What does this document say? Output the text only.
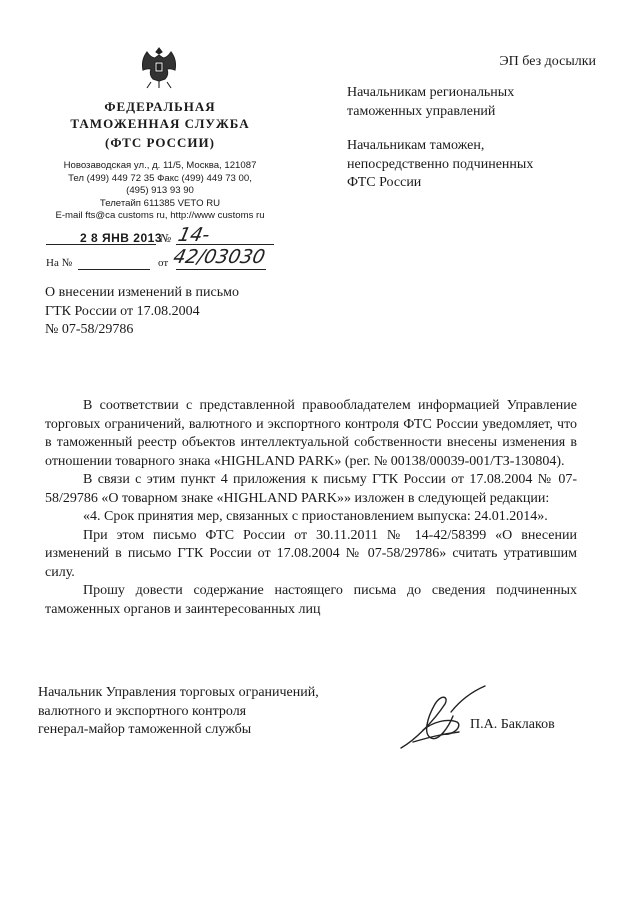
ФЕДЕРАЛЬНАЯ
ТАМОЖЕННАЯ СЛУЖБА
(ФТС РОССИИ)
Новозаводская ул., д. 11/5, Москва, 121087
Тел (499) 449 72 35 Факс (499) 449 73 00,
(495) 913 93 90
Телетайп 611385 VETO RU
E-mail fts@ca customs ru, http://www customs ru
2 8 ЯНВ 2013
№ 14-42/03030
На №	от
О внесении изменений в письмо
ГТК России от 17.08.2004
№ 07-58/29786
ЭП без досылки
Начальникам региональных
таможенных управлений
Начальникам таможен,
непосредственно подчиненных
ФТС России

В соответствии с представленной правообладателем информацией Управление торговых ограничений, валютного и экспортного контроля ФТС России уведомляет, что в таможенный реестр объектов интеллектуальной собственности внесены изменения в отношении товарного знака «HIGHLAND PARK» (рег. № 00138/00039-001/ТЗ-130804).

В связи с этим пункт 4 приложения к письму ГТК России от 17.08.2004 № 07-58/29786 «О товарном знаке «HIGHLAND PARK»» изложен в следующей редакции:

«4. Срок принятия мер, связанных с приостановлением выпуска: 24.01.2014».

При этом письмо ФТС России от 30.11.2011 № 14-42/58399 «О внесении изменений в письмо ГТК России от 17.08.2004 № 07-58/29786» считать утратившим силу.

Прошу довести содержание настоящего письма до сведения подчиненных таможенных органов и заинтересованных лиц

Начальник Управления торговых ограничений,
валютного и экспортного контроля
генерал-майор таможенной службы	П.А. Баклаков
